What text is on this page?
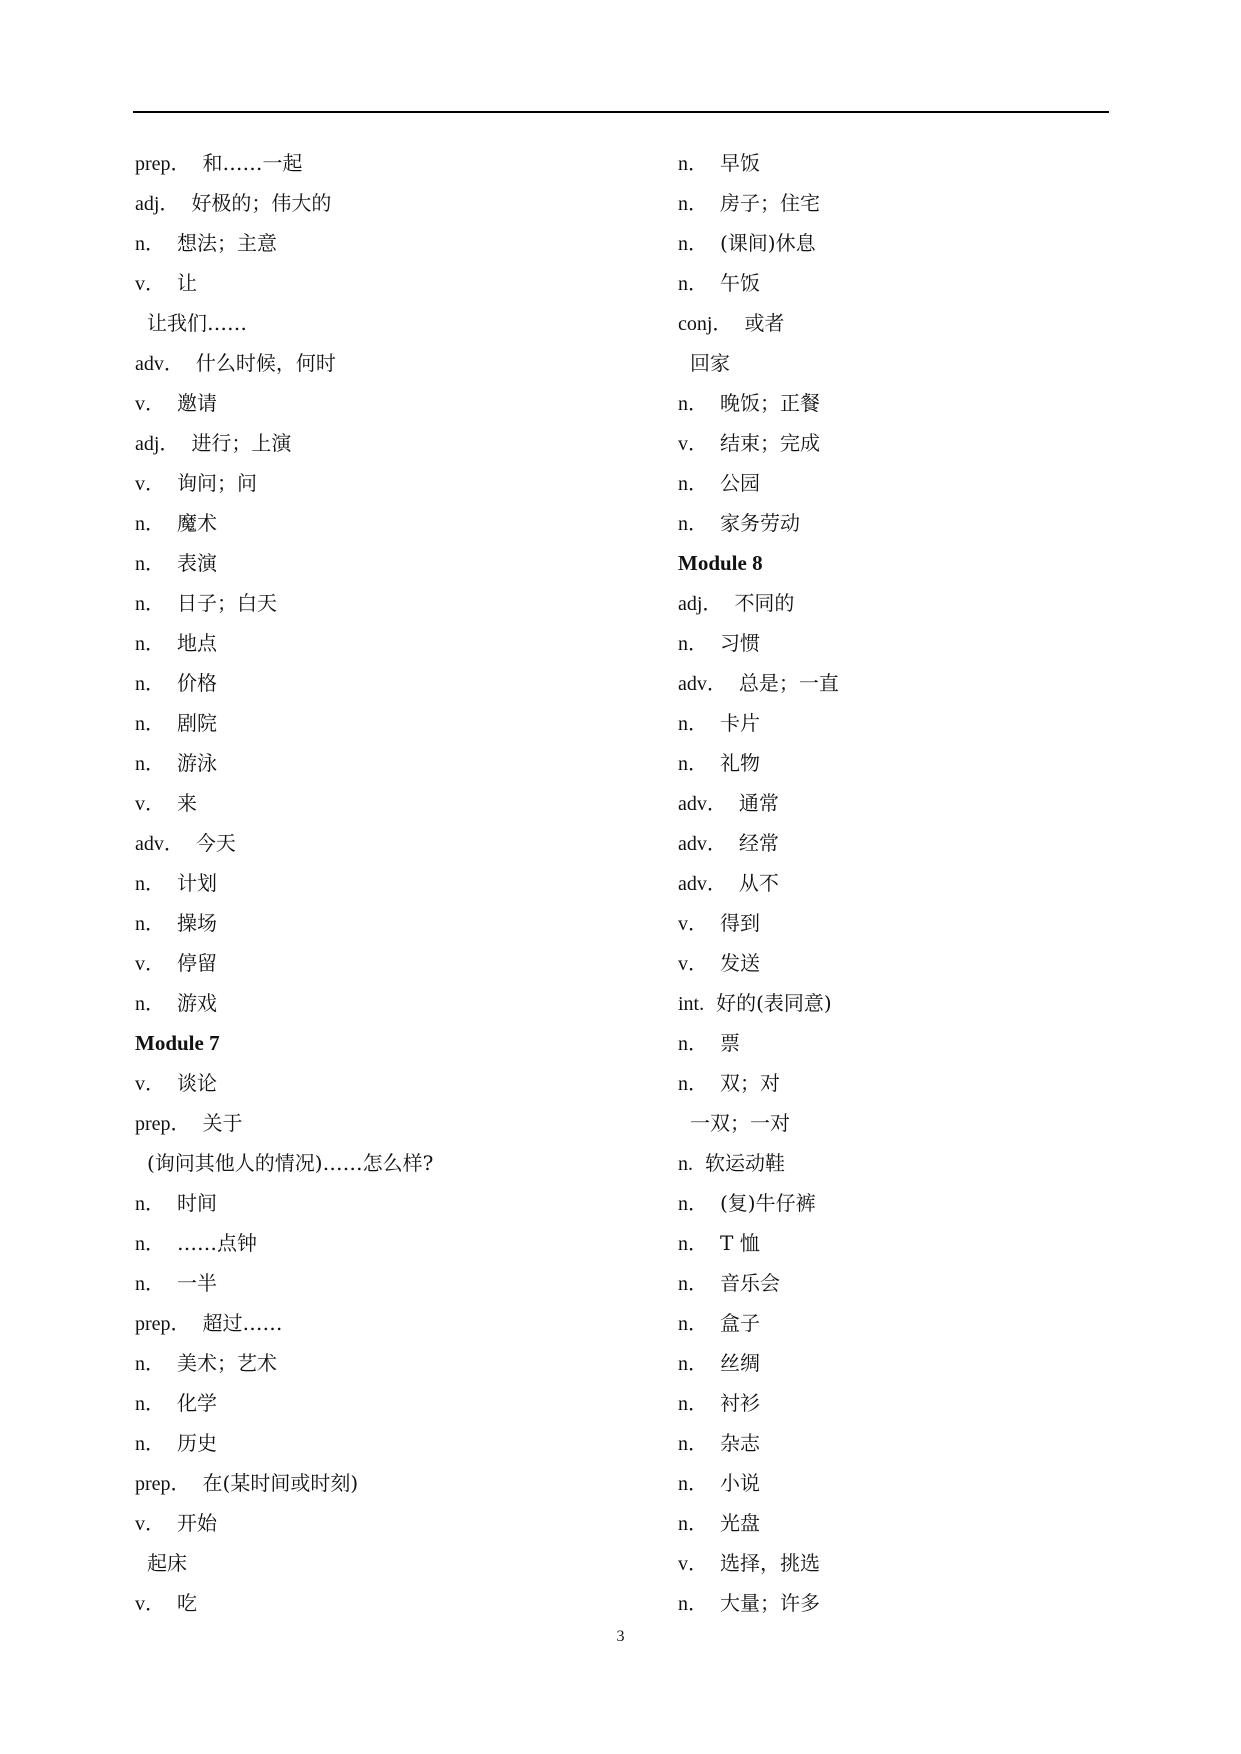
prep． 和……一起
adj． 好极的；伟大的
n． 想法；主意
v． 让
让我们……
adv． 什么时候，何时
v． 邀请
adj． 进行；上演
v． 询问；问
n． 魔术
n． 表演
n． 日子；白天
n． 地点
n． 价格
n． 剧院
n． 游泳
v． 来
adv． 今天
n． 计划
n． 操场
v． 停留
n． 游戏
Module 7
v． 谈论
prep． 关于
(询问其他人的情况)……怎么样?
n． 时间
n． ……点钟
n． 一半
prep． 超过……
n． 美术；艺术
n． 化学
n． 历史
prep． 在(某时间或时刻)
v． 开始
起床
v． 吃
n． 早饭
n． 房子；住宅
n． (课间)休息
n． 午饭
conj． 或者
回家
n． 晚饭；正餐
v． 结束；完成
n． 公园
n． 家务劳动
Module 8
adj． 不同的
n． 习惯
adv． 总是；一直
n． 卡片
n． 礼物
adv． 通常
adv． 经常
adv． 从不
v． 得到
v． 发送
int. 好的(表同意)
n． 票
n． 双；对
一双；一对
n. 软运动鞋
n． (复)牛仔裤
n． T 恤
n． 音乐会
n． 盒子
n． 丝绸
n． 衬衫
n． 杂志
n． 小说
n． 光盘
v． 选择，挑选
n． 大量；许多
3
